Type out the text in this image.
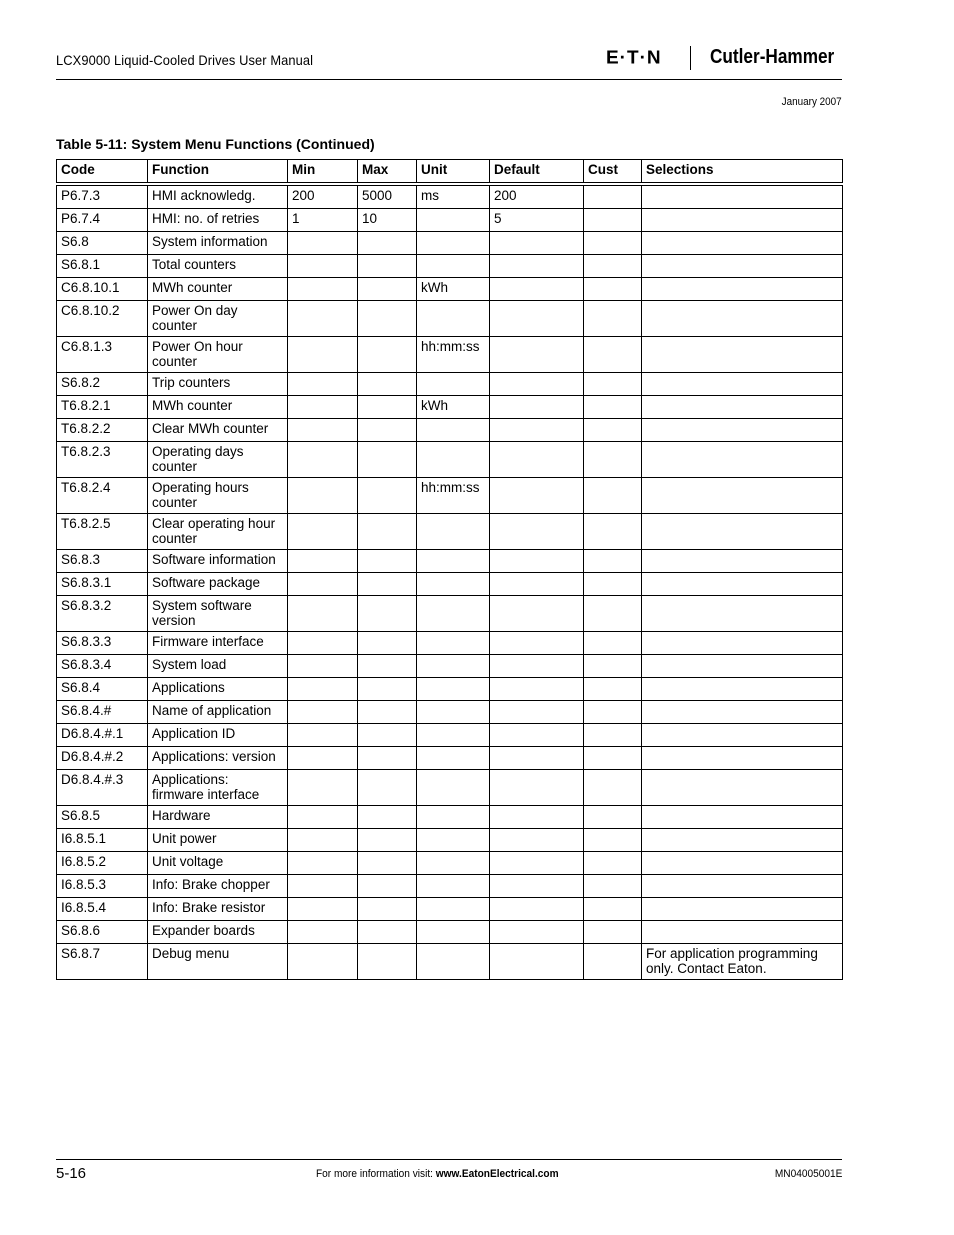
LCX9000 Liquid-Cooled Drives User Manual	E·T·N Cutler-Hammer
January 2007
Table 5-11: System Menu Functions (Continued)
Code	Function	Min	Max	Unit	Default	Cust	Selections

P6.7.3	HMI acknowledg.	200	5000	ms	200		
P6.7.4	HMI: no. of retries	1	10		5		
S6.8	System information						
S6.8.1	Total counters						
C6.8.10.1	MWh counter			kWh			
C6.8.10.2	Power On day counter						
C6.8.1.3	Power On hour counter			hh:mm:ss			
S6.8.2	Trip counters						
T6.8.2.1	MWh counter			kWh			
T6.8.2.2	Clear MWh counter						
T6.8.2.3	Operating days counter						
T6.8.2.4	Operating hours counter			hh:mm:ss			
T6.8.2.5	Clear operating hour counter						
S6.8.3	Software information						
S6.8.3.1	Software package						
S6.8.3.2	System software version						
S6.8.3.3	Firmware interface						
S6.8.3.4	System load						
S6.8.4	Applications						
S6.8.4.#	Name of application						
D6.8.4.#.1	Application ID						
D6.8.4.#.2	Applications: version						
D6.8.4.#.3	Applications: firmware interface						
S6.8.5	Hardware						
I6.8.5.1	Unit power						
I6.8.5.2	Unit voltage						
I6.8.5.3	Info: Brake chopper						
I6.8.5.4	Info: Brake resistor						
S6.8.6	Expander boards						
S6.8.7	Debug menu						For application programming only. Contact Eaton.
5-16	For more information visit: www.EatonElectrical.com	MN04005001E
